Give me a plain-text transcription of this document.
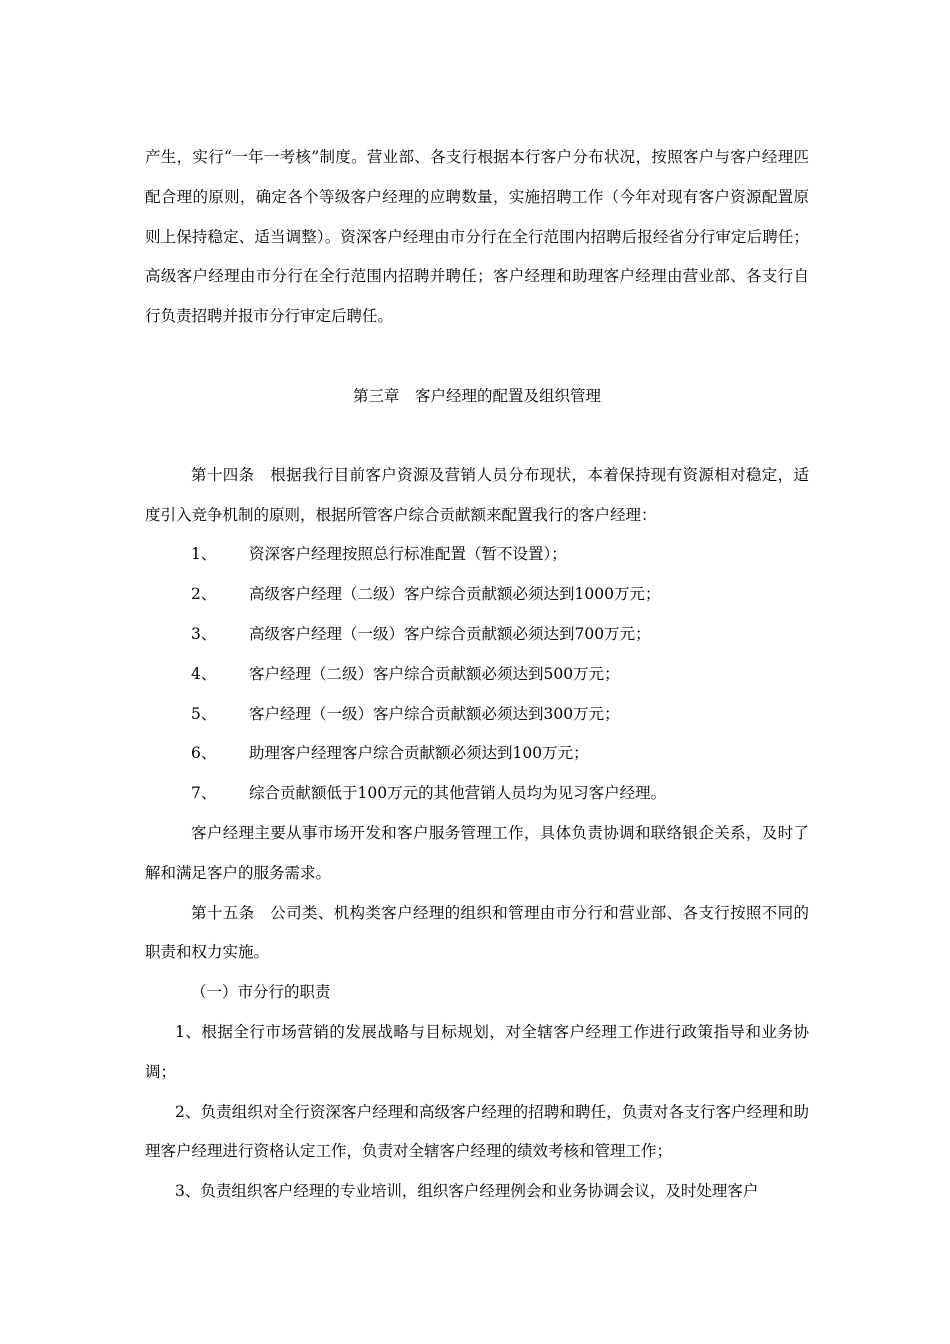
产生，实行“一年一考核”制度。营业部、各支行根据本行客户分布状况，按照客户与客户经理匹配合理的原则，确定各个等级客户经理的应聘数量，实施招聘工作（今年对现有客户资源配置原则上保持稳定、适当调整）。资深客户经理由市分行在全行范围内招聘后报经省分行审定后聘任；高级客户经理由市分行在全行范围内招聘并聘任；客户经理和助理客户经理由营业部、各支行自行负责招聘并报市分行审定后聘任。

第三章　客户经理的配置及组织管理

第十四条　根据我行目前客户资源及营销人员分布现状，本着保持现有资源相对稳定，适度引入竞争机制的原则，根据所管客户综合贡献额来配置我行的客户经理：

1、	资深客户经理按照总行标准配置（暂不设置）；
2、	高级客户经理（二级）客户综合贡献额必须达到1000万元；
3、	高级客户经理（一级）客户综合贡献额必须达到700万元；
4、	客户经理（二级）客户综合贡献额必须达到500万元；
5、	客户经理（一级）客户综合贡献额必须达到300万元；
6、	助理客户经理客户综合贡献额必须达到100万元；
7、	综合贡献额低于100万元的其他营销人员均为见习客户经理。

客户经理主要从事市场开发和客户服务管理工作，具体负责协调和联络银企关系，及时了解和满足客户的服务需求。

第十五条　公司类、机构类客户经理的组织和管理由市分行和营业部、各支行按照不同的职责和权力实施。

（一）市分行的职责

1、根据全行市场营销的发展战略与目标规划，对全辖客户经理工作进行政策指导和业务协调；

2、负责组织对全行资深客户经理和高级客户经理的招聘和聘任，负责对各支行客户经理和助理客户经理进行资格认定工作，负责对全辖客户经理的绩效考核和管理工作；

3、负责组织客户经理的专业培训，组织客户经理例会和业务协调会议，及时处理客户
